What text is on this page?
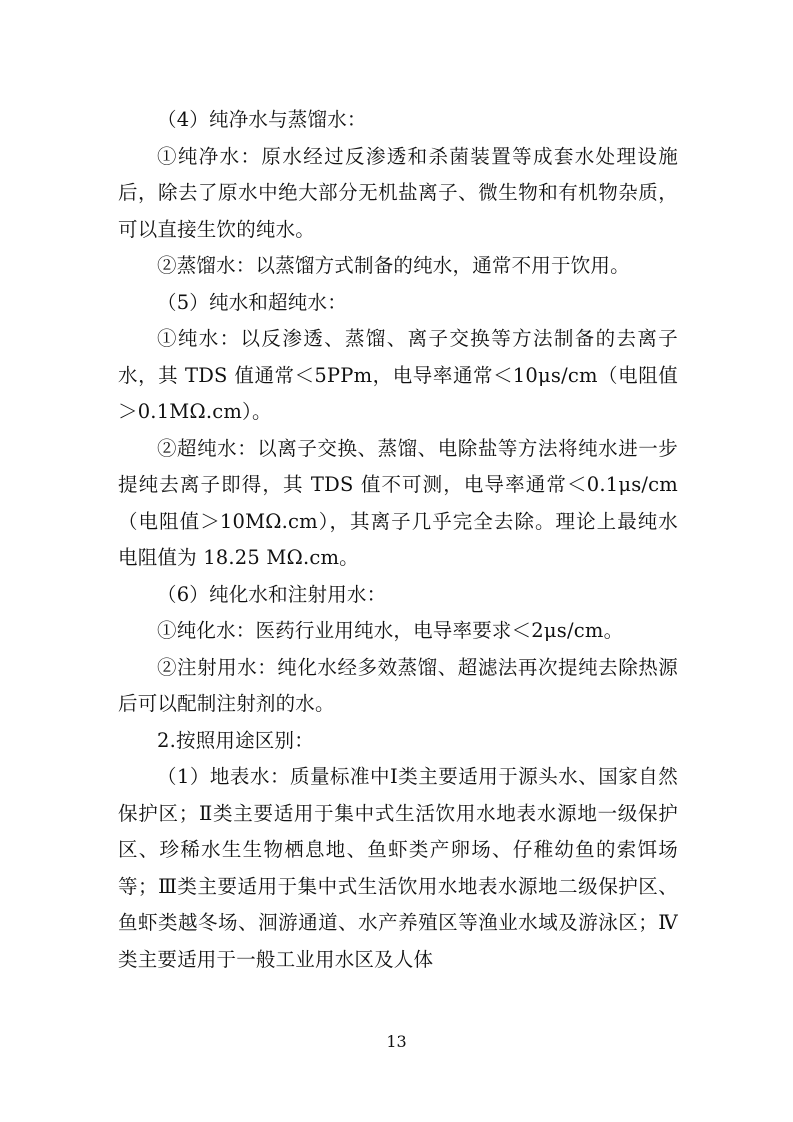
（4）纯净水与蒸馏水：

①纯净水：原水经过反渗透和杀菌装置等成套水处理设施后，除去了原水中绝大部分无机盐离子、微生物和有机物杂质，可以直接生饮的纯水。

②蒸馏水：以蒸馏方式制备的纯水，通常不用于饮用。

（5）纯水和超纯水：

①纯水：以反渗透、蒸馏、离子交换等方法制备的去离子水，其 TDS 值通常＜5PPm，电导率通常＜10μs/cm（电阻值＞0.1MΩ.cm）。

②超纯水：以离子交换、蒸馏、电除盐等方法将纯水进一步提纯去离子即得，其 TDS 值不可测，电导率通常＜0.1μs/cm（电阻值＞10MΩ.cm），其离子几乎完全去除。理论上最纯水电阻值为 18.25 MΩ.cm。

（6）纯化水和注射用水：

①纯化水：医药行业用纯水，电导率要求＜2μs/cm。

②注射用水：纯化水经多效蒸馏、超滤法再次提纯去除热源后可以配制注射剂的水。

2.按照用途区别：

（1）地表水：质量标准中Ⅰ类主要适用于源头水、国家自然保护区；Ⅱ类主要适用于集中式生活饮用水地表水源地一级保护区、珍稀水生生物栖息地、鱼虾类产卵场、仔稚幼鱼的索饵场等；Ⅲ类主要适用于集中式生活饮用水地表水源地二级保护区、鱼虾类越冬场、洄游通道、水产养殖区等渔业水域及游泳区；Ⅳ类主要适用于一般工业用水区及人体

13
